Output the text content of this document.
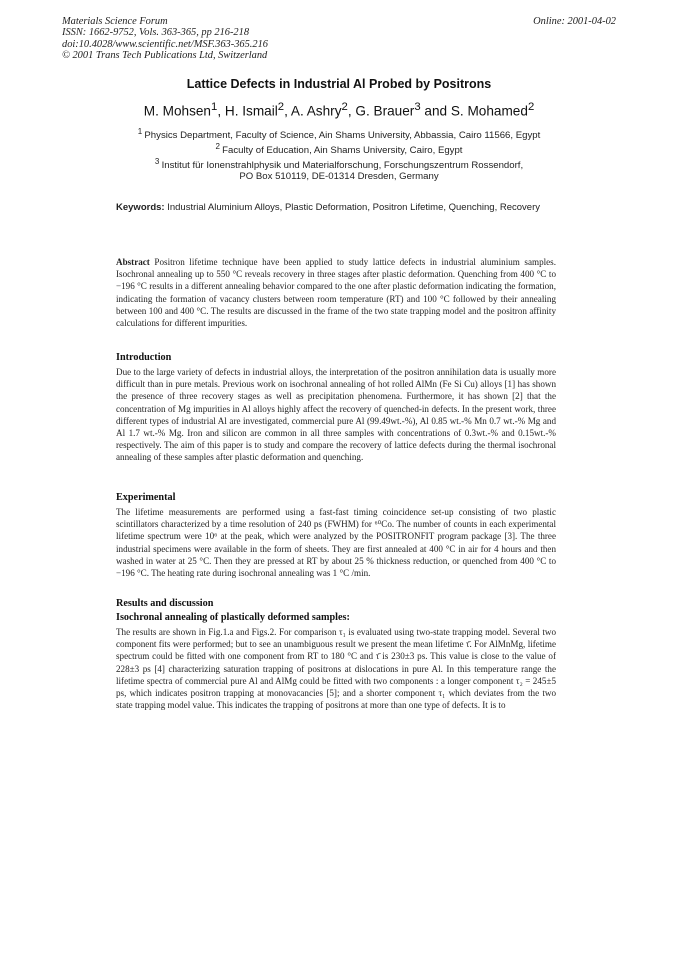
Materials Science Forum
ISSN: 1662-9752, Vols. 363-365, pp 216-218
doi:10.4028/www.scientific.net/MSF.363-365.216
© 2001 Trans Tech Publications Ltd, Switzerland
Online: 2001-04-02
Lattice Defects in Industrial Al Probed by Positrons
M. Mohsen$^1$, H. Ismail$^2$, A. Ashry$^2$, G. Brauer$^3$ and S. Mohamed$^2$
$^1$ Physics Department, Faculty of Science, Ain Shams University, Abbassia, Cairo 11566, Egypt
$^2$ Faculty of Education, Ain Shams University, Cairo, Egypt
$^3$ Institut für Ionenstrahlphysik und Materialforschung, Forschungszentrum Rossendorf,
PO Box 510119, DE-01314 Dresden, Germany
Keywords: Industrial Aluminium Alloys, Plastic Deformation, Positron Lifetime, Quenching, Recovery
Abstract Positron lifetime technique have been applied to study lattice defects in industrial aluminium samples. Isochronal annealing up to 550 °C reveals recovery in three stages after plastic deformation. Quenching from 400 °C to −196 °C results in a different annealing behavior compared to the one after plastic deformation indicating the formation, indicating the formation of vacancy clusters between room temperature (RT) and 100 °C followed by their annealing between 100 and 400 °C. The results are discussed in the frame of the two state trapping model and the positron affinity calculations for different impurities.
Introduction
Due to the large variety of defects in industrial alloys, the interpretation of the positron annihilation data is usually more difficult than in pure metals. Previous work on isochronal annealing of hot rolled AlMn (Fe Si Cu) alloys [1] has shown the presence of three recovery stages as well as precipitation phenomena. Furthermore, it has shown [2] that the concentration of Mg impurities in Al alloys highly affect the recovery of quenched-in defects. In the present work, three different types of industrial Al are investigated, commercial pure Al (99.49wt.-%), Al 0.85 wt.-% Mn 0.7 wt.-% Mg and Al 1.7 wt.-% Mg. Iron and silicon are common in all three samples with concentrations of 0.3wt.-% and 0.15wt.-% respectively. The aim of this paper is to study and compare the recovery of lattice defects during the thermal isochronal annealing of these samples after plastic deformation and quenching.
Experimental
The lifetime measurements are performed using a fast-fast timing coincidence set-up consisting of two plastic scintillators characterized by a time resolution of 240 ps (FWHM) for ⁶⁰Co. The number of counts in each experimental lifetime spectrum were 10⁶ at the peak, which were analyzed by the POSITRONFIT program package [3]. The three industrial specimens were available in the form of sheets. They are first annealed at 400 °C in air for 4 hours and then washed in water at 25 °C. Then they are pressed at RT by about 25 % thickness reduction, or quenched from 400 °C to −196 °C. The heating rate during isochronal annealing was 1 °C /min.
Results and discussion
Isochronal annealing of plastically deformed samples:
The results are shown in Fig.1.a and Figs.2. For comparison τ₁ is evaluated using two-state trapping model. Several two component fits were performed; but to see an unambiguous result we present the mean lifetime τ̄. For AlMnMg, lifetime spectrum could be fitted with one component from RT to 180 °C and τ̄ is 230±3 ps. This value is close to the value of 228±3 ps [4] characterizing saturation trapping of positrons at dislocations in pure Al. In this temperature range the lifetime spectra of commercial pure Al and AlMg could be fitted with two components : a longer component τ₂ = 245±5 ps, which indicates positron trapping at monovacancies [5]; and a shorter component τ₁ which deviates from the two state trapping model value. This indicates the trapping of positrons at more than one type of defects. It is to
